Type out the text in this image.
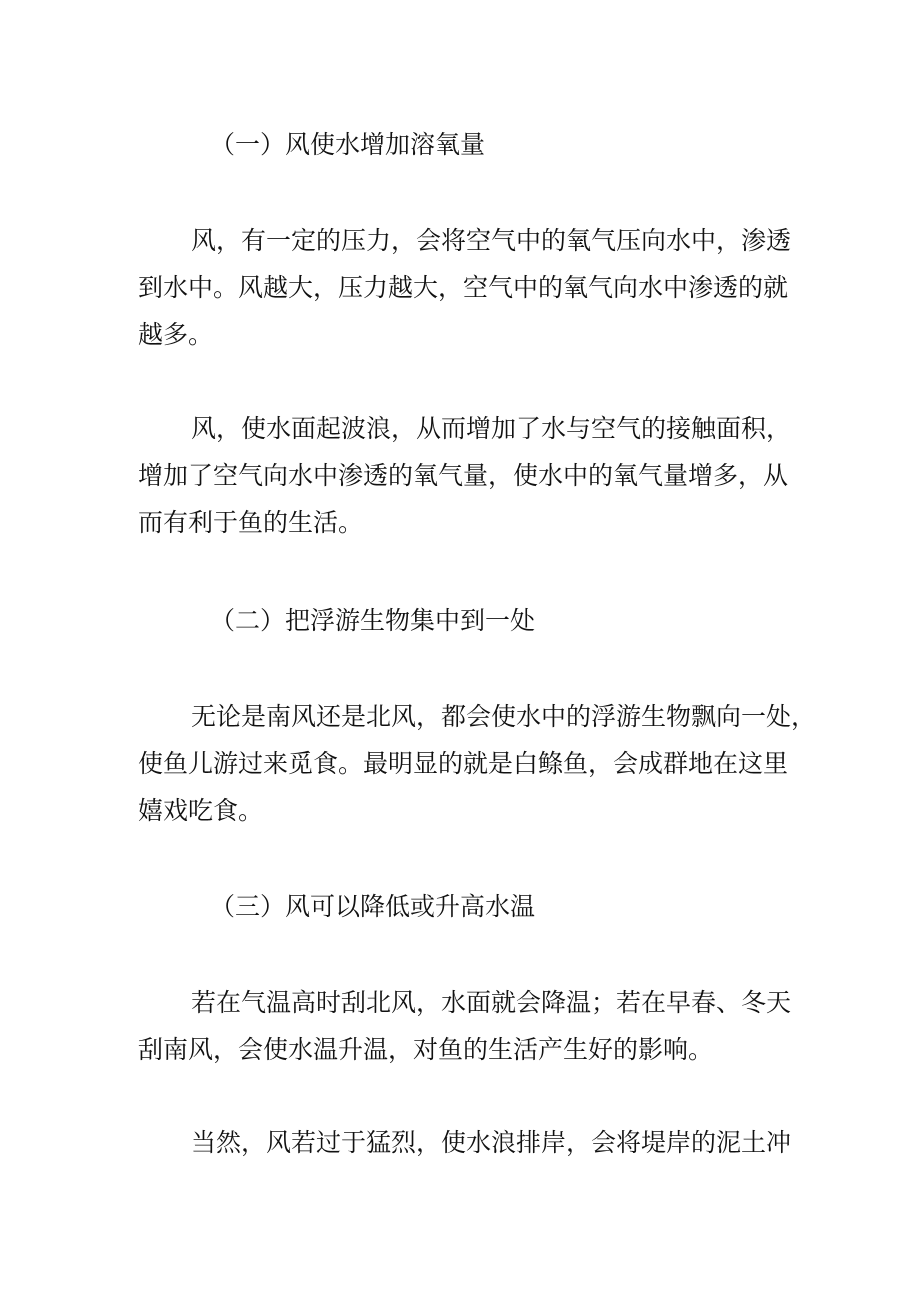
（一）风使水增加溶氧量

风，有一定的压力，会将空气中的氧气压向水中，渗透
到水中。风越大，压力越大，空气中的氧气向水中渗透的就
越多。

风，使水面起波浪，从而增加了水与空气的接触面积，
增加了空气向水中渗透的氧气量，使水中的氧气量增多，从
而有利于鱼的生活。

（二）把浮游生物集中到一处

无论是南风还是北风，都会使水中的浮游生物飘向一处，
使鱼儿游过来觅食。最明显的就是白鲦鱼，会成群地在这里
嬉戏吃食。

（三）风可以降低或升高水温

若在气温高时刮北风，水面就会降温；若在早春、冬天
刮南风，会使水温升温，对鱼的生活产生好的影响。

当然，风若过于猛烈，使水浪排岸，会将堤岸的泥土冲
